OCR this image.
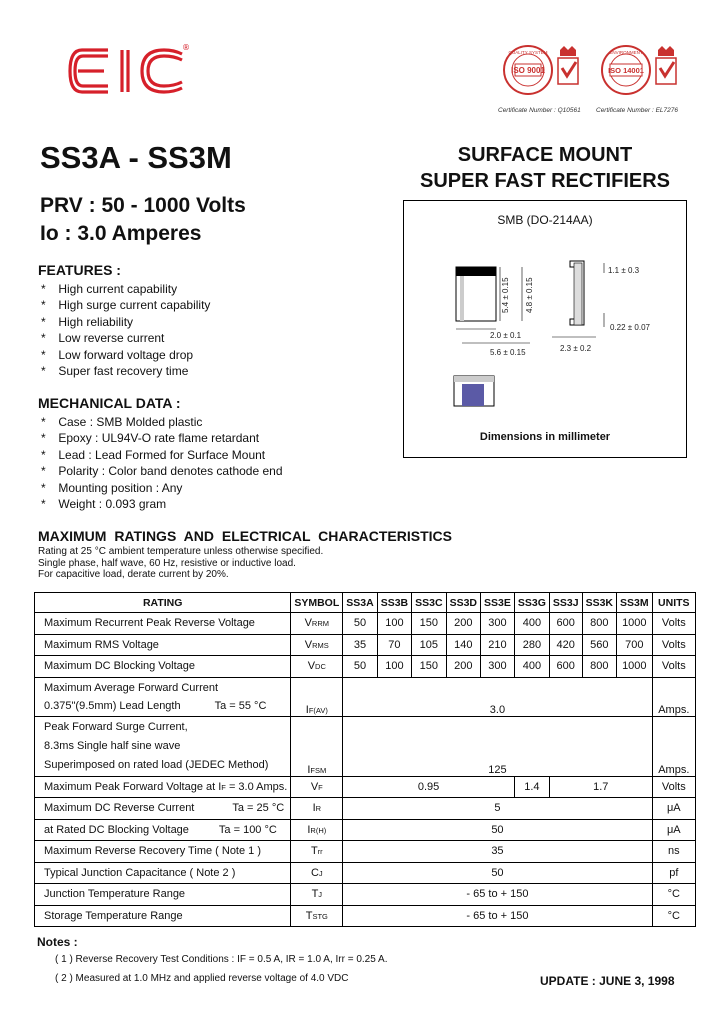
®
ISO 9001
QUALITY SYSTEM
Certificate Number : Q10561
ISO 14001
ENVIRONMENT
Certificate Number : EL7276
SS3A - SS3M	SURFACE MOUNT
SUPER FAST RECTIFIERS
PRV : 50 - 1000 Volts
Io : 3.0 Amperes
SMB (DO-214AA)
5.4 ± 0.15
2.0 ± 0.1
5.6 ± 0.15
4.8 ± 0.15
1.1 ± 0.3
0.22 ± 0.07
2.3 ± 0.2
Dimensions in millimeter
FEATURES :
* High current capability
* High surge current capability
* High reliability
* Low reverse current
* Low forward voltage drop
* Super fast recovery time
MECHANICAL DATA :
* Case : SMB Molded plastic
* Epoxy : UL94V-O rate flame retardant
* Lead : Lead Formed for Surface Mount
* Polarity : Color band denotes cathode end
* Mounting position : Any
* Weight : 0.093 gram
MAXIMUM RATINGS AND ELECTRICAL CHARACTERISTICS
Rating at 25 °C ambient temperature unless otherwise specified.
Single phase, half wave, 60 Hz, resistive or inductive load.
For capacitive load, derate current by 20%.
RATING	SYMBOL	SS3A	SS3B	SS3C	SS3D	SS3E	SS3G	SS3J	SS3K	SS3M	UNITS
Maximum Recurrent Peak Reverse Voltage	VRRM	50	100	150	200	300	400	600	800	1000	Volts
Maximum RMS Voltage	VRMS	35	70	105	140	210	280	420	560	700	Volts
Maximum DC Blocking Voltage	VDC	50	100	150	200	300	400	600	800	1000	Volts

Maximum Average Forward Current
0.375"(9.5mm) Lead Length Ta = 55 °C	IF(AV)	3.0									Amps.

Peak Forward Surge Current,
8.3ms Single half sine wave
Superimposed on rated load (JEDEC Method)	IFSM	125									Amps.
Maximum Peak Forward Voltage at IF = 3.0 Amps.	VF	0.95					1.4	1.7			Volts
Maximum DC Reverse Current Ta = 25 °C	IR	5									μA
at Rated DC Blocking Voltage Ta = 100 °C	IR(H)	50									μA
Maximum Reverse Recovery Time ( Note 1 )	Trr	35									ns
Typical Junction Capacitance ( Note 2 )	CJ	50									pf
Junction Temperature Range	TJ	- 65 to + 150									°C
Storage Temperature Range	TSTG	- 65 to + 150									°C
Notes :
( 1 ) Reverse Recovery Test Conditions : IF = 0.5 A, IR = 1.0 A, Irr = 0.25 A.
( 2 ) Measured at 1.0 MHz and applied reverse voltage of 4.0 VDC	UPDATE : JUNE 3, 1998
